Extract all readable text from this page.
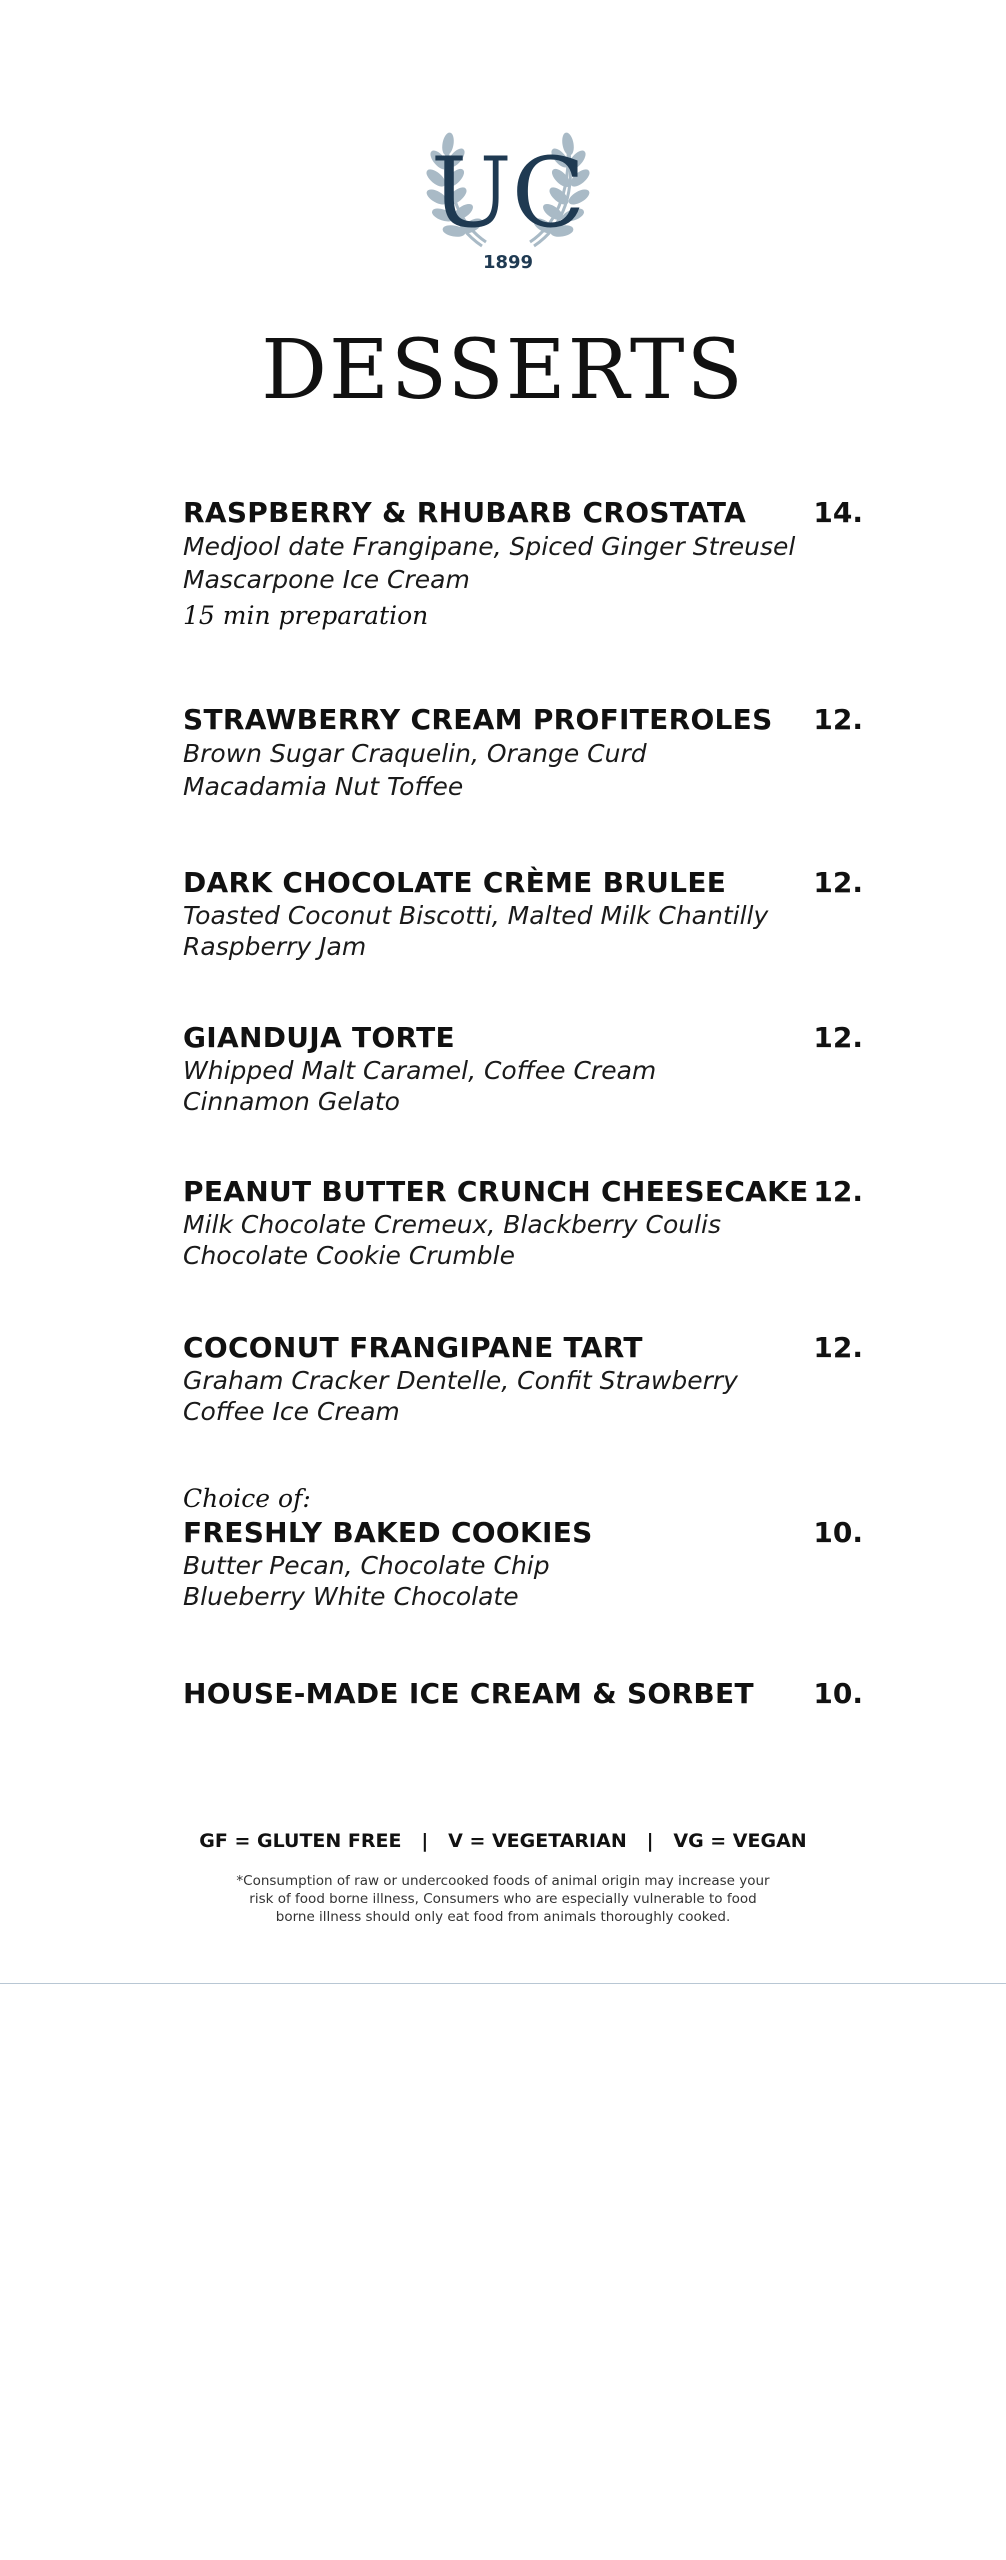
UC
1899
DESSERTS
RASPBERRY & RHUBARB CROSTATA	14.
Medjool date Frangipane, Spiced Ginger Streusel
Mascarpone Ice Cream
15 min preparation
STRAWBERRY CREAM PROFITEROLES	12.
Brown Sugar Craquelin, Orange Curd
Macadamia Nut Toffee
DARK CHOCOLATE CRÈME BRULEE	12.
Toasted Coconut Biscotti, Malted Milk Chantilly
Raspberry Jam
GIANDUJA TORTE	12.
Whipped Malt Caramel, Coffee Cream
Cinnamon Gelato
PEANUT BUTTER CRUNCH CHEESECAKE 12.
Milk Chocolate Cremeux, Blackberry Coulis
Chocolate Cookie Crumble
COCONUT FRANGIPANE TART	12.
Graham Cracker Dentelle, Confit Strawberry
Coffee Ice Cream
Choice of:
FRESHLY BAKED COOKIES	10.
Butter Pecan, Chocolate Chip
Blueberry White Chocolate
HOUSE-MADE ICE CREAM & SORBET	10.
GF = GLUTEN FREE   |   V = VEGETARIAN   |   VG = VEGAN
*Consumption of raw or undercooked foods of animal origin may increase your
risk of food borne illness, Consumers who are especially vulnerable to food
borne illness should only eat food from animals thoroughly cooked.
